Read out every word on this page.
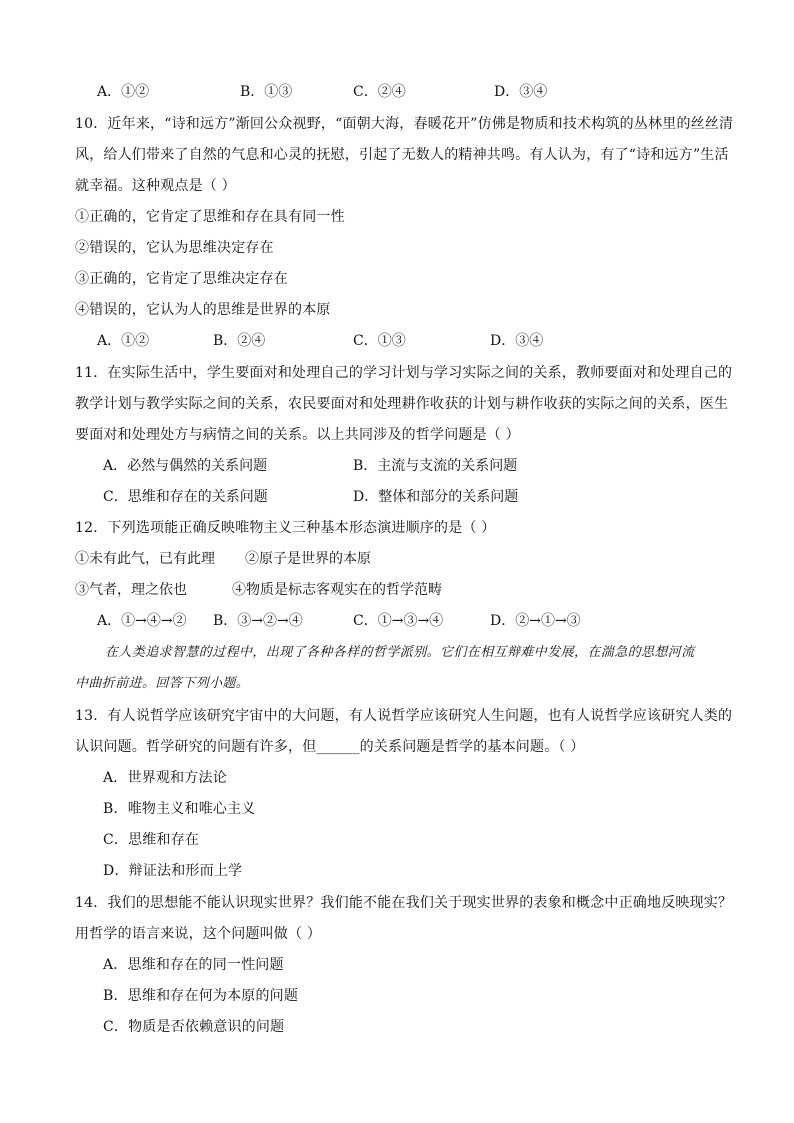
A．①②	B．①③	C．②④	D．③④
10．近年来，“诗和远方”渐回公众视野，“面朝大海，春暖花开”仿佛是物质和技术构筑的丛林里的丝丝清
风，给人们带来了自然的气息和心灵的抚慰，引起了无数人的精神共鸣。有人认为，有了“诗和远方”生活
就幸福。这种观点是（ ）
①正确的，它肯定了思维和存在具有同一性
②错误的，它认为思维决定存在
③正确的，它肯定了思维决定存在
④错误的，它认为人的思维是世界的本原
A．①②	B．②④	C．①③	D．③④
11．在实际生活中，学生要面对和处理自己的学习计划与学习实际之间的关系，教师要面对和处理自己的
教学计划与教学实际之间的关系，农民要面对和处理耕作收获的计划与耕作收获的实际之间的关系，医生
要面对和处理处方与病情之间的关系。以上共同涉及的哲学问题是（ ）
A．必然与偶然的关系问题	B．主流与支流的关系问题
C．思维和存在的关系问题	D．整体和部分的关系问题
12．下列选项能正确反映唯物主义三种基本形态演进顺序的是（ ）
①未有此气，已有此理 ②原子是世界的本原
③气者，理之依也	④物质是标志客观实在的哲学范畴
A．①→④→② B．③→②→④	C．①→③→④	D．②→①→③
在人类追求智慧的过程中，出现了各种各样的哲学派别。它们在相互辩难中发展，在湍急的思想河流
中曲折前进。回答下列小题。
13．有人说哲学应该研究宇宙中的大问题，有人说哲学应该研究人生问题，也有人说哲学应该研究人类的
认识问题。哲学研究的问题有许多，但______的关系问题是哲学的基本问题。（ ）
A．世界观和方法论
B．唯物主义和唯心主义
C．思维和存在
D．辩证法和形而上学
14．我们的思想能不能认识现实世界？我们能不能在我们关于现实世界的表象和概念中正确地反映现实？
用哲学的语言来说，这个问题叫做（ ）
A．思维和存在的同一性问题
B．思维和存在何为本原的问题
C．物质是否依赖意识的问题
